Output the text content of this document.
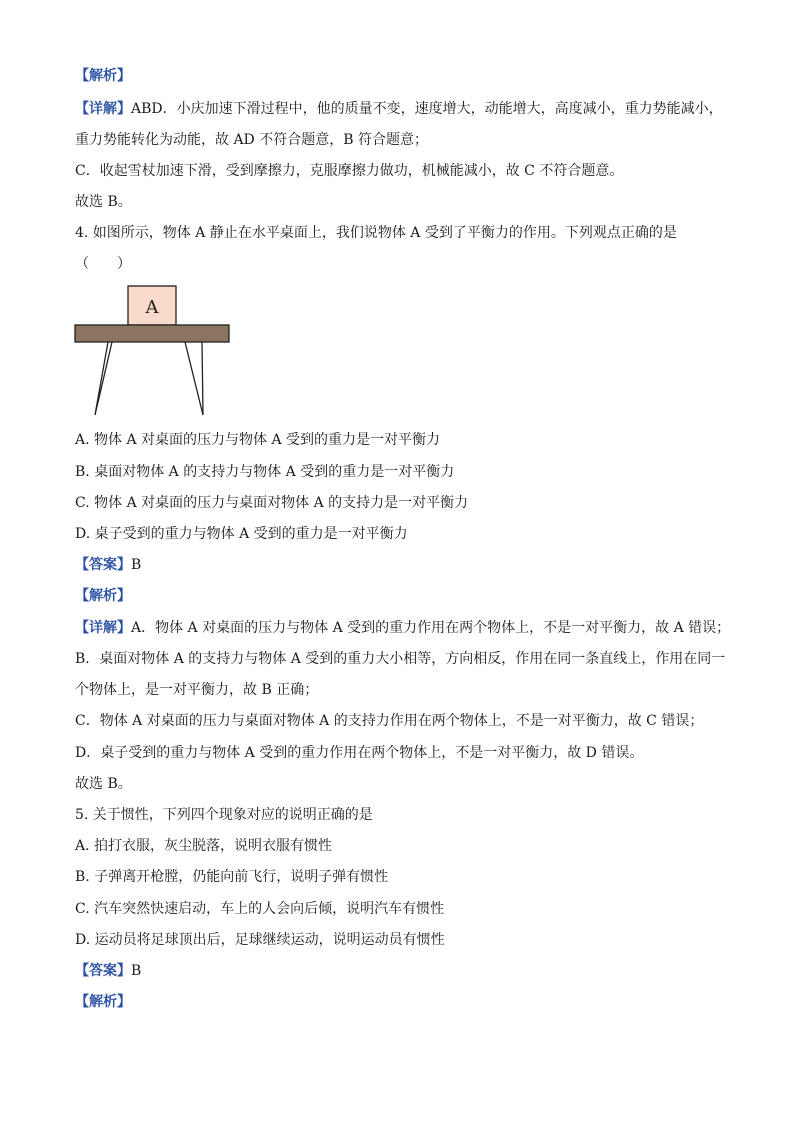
【解析】
【详解】ABD．小庆加速下滑过程中，他的质量不变，速度增大，动能增大，高度减小，重力势能减小，
重力势能转化为动能，故 AD 不符合题意，B 符合题意；
C．收起雪杖加速下滑，受到摩擦力，克服摩擦力做功，机械能减小，故 C 不符合题意。
故选 B。
4. 如图所示，物体 A 静止在水平桌面上，我们说物体 A 受到了平衡力的作用。下列观点正确的是
（　　）
A
A. 物体 A 对桌面的压力与物体 A 受到的重力是一对平衡力
B. 桌面对物体 A 的支持力与物体 A 受到的重力是一对平衡力
C. 物体 A 对桌面的压力与桌面对物体 A 的支持力是一对平衡力
D. 桌子受到的重力与物体 A 受到的重力是一对平衡力
【答案】B
【解析】
【详解】A．物体 A 对桌面的压力与物体 A 受到的重力作用在两个物体上，不是一对平衡力，故 A 错误；
B．桌面对物体 A 的支持力与物体 A 受到的重力大小相等，方向相反，作用在同一条直线上，作用在同一
个物体上，是一对平衡力，故 B 正确；
C．物体 A 对桌面的压力与桌面对物体 A 的支持力作用在两个物体上，不是一对平衡力，故 C 错误；
D．桌子受到的重力与物体 A 受到的重力作用在两个物体上，不是一对平衡力，故 D 错误。
故选 B。
5. 关于惯性，下列四个现象对应的说明正确的是
A. 拍打衣服，灰尘脱落，说明衣服有惯性
B. 子弹离开枪膛，仍能向前飞行，说明子弹有惯性
C. 汽车突然快速启动，车上的人会向后倾，说明汽车有惯性
D. 运动员将足球顶出后，足球继续运动，说明运动员有惯性
【答案】B
【解析】
